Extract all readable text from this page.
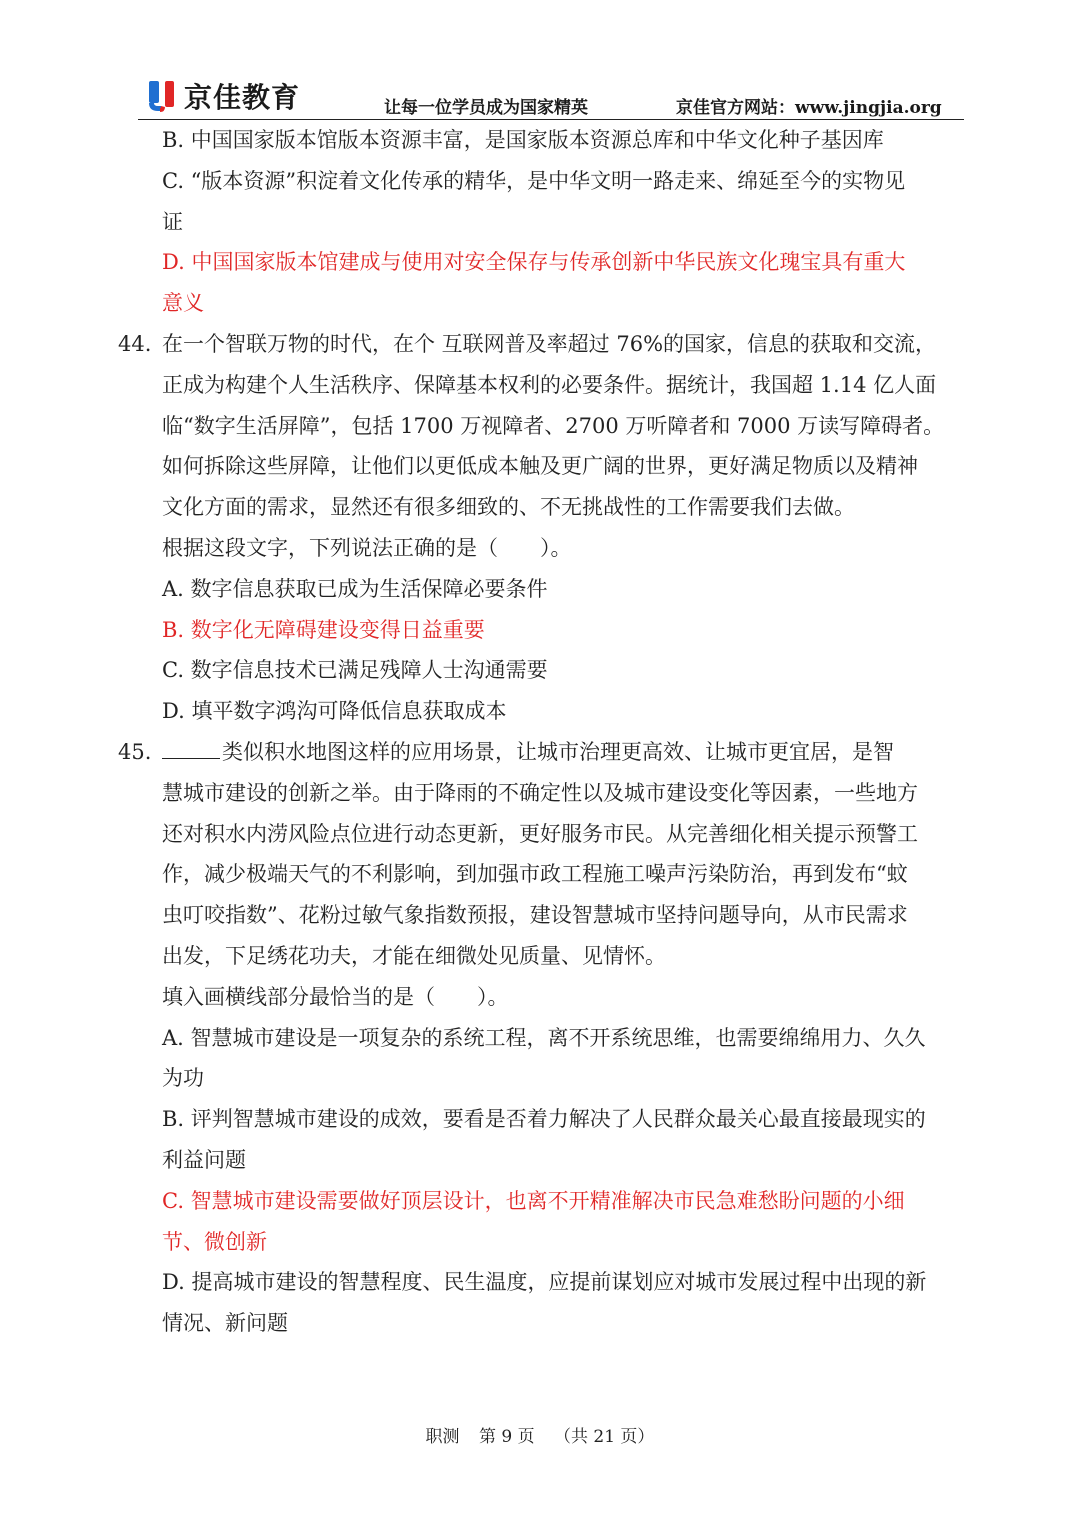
京佳教育	让每一位学员成为国家精英	京佳官方网站：www.jingjia.org
B. 中国国家版本馆版本资源丰富，是国家版本资源总库和中华文化种子基因库
C. “版本资源”积淀着文化传承的精华，是中华文明一路走来、绵延至今的实物见
证
D. 中国国家版本馆建成与使用对安全保存与传承创新中华民族文化瑰宝具有重大
意义
44. 在一个智联万物的时代，在个 互联网普及率超过 76%的国家，信息的获取和交流，
正成为构建个人生活秩序、保障基本权利的必要条件。据统计，我国超 1.14 亿人面
临“数字生活屏障”，包括 1700 万视障者、2700 万听障者和 7000 万读写障碍者。
如何拆除这些屏障，让他们以更低成本触及更广阔的世界，更好满足物质以及精神
文化方面的需求，显然还有很多细致的、不无挑战性的工作需要我们去做。
根据这段文字，下列说法正确的是（　　）。
A. 数字信息获取已成为生活保障必要条件
B. 数字化无障碍建设变得日益重要
C. 数字信息技术已满足残障人士沟通需要
D. 填平数字鸿沟可降低信息获取成本
45.	类似积水地图这样的应用场景，让城市治理更高效、让城市更宜居，是智
慧城市建设的创新之举。由于降雨的不确定性以及城市建设变化等因素，一些地方
还对积水内涝风险点位进行动态更新，更好服务市民。从完善细化相关提示预警工
作，减少极端天气的不利影响，到加强市政工程施工噪声污染防治，再到发布“蚊
虫叮咬指数”、花粉过敏气象指数预报，建设智慧城市坚持问题导向，从市民需求
出发，下足绣花功夫，才能在细微处见质量、见情怀。
填入画横线部分最恰当的是（　　）。
A. 智慧城市建设是一项复杂的系统工程，离不开系统思维，也需要绵绵用力、久久
为功
B. 评判智慧城市建设的成效，要看是否着力解决了人民群众最关心最直接最现实的
利益问题
C. 智慧城市建设需要做好顶层设计，也离不开精准解决市民急难愁盼问题的小细
节、微创新
D. 提高城市建设的智慧程度、民生温度，应提前谋划应对城市发展过程中出现的新
情况、新问题
职测 第 9 页 （共 21 页）
